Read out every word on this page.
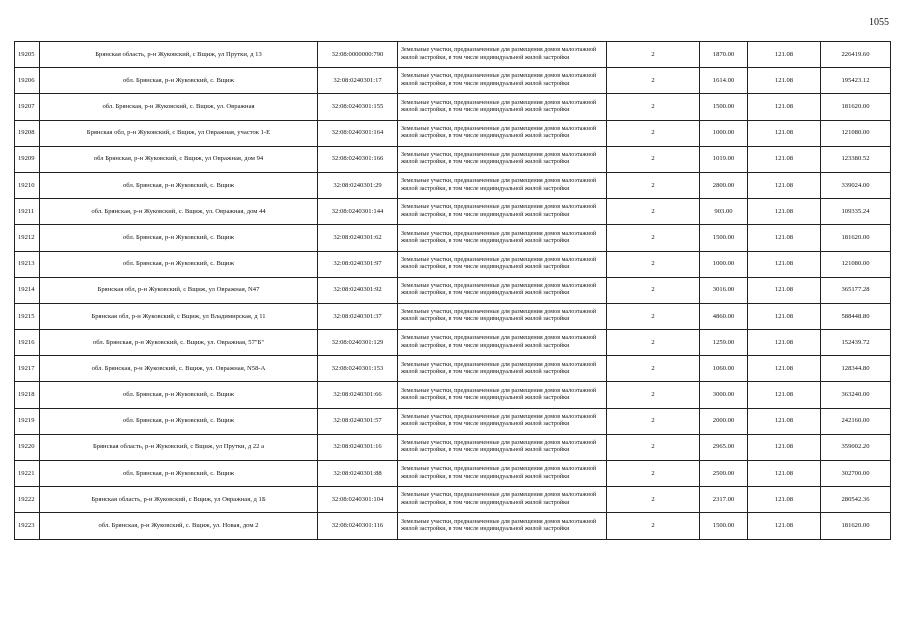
1055
19205	Брянская область, р-н Жуковский, с Вщиж, ул Прутки, д 13	32:08:0000000:790	Земельные участки, предназначенные для размещения домов малоэтажной жилой застройки, в том числе индивидуальной жилой застройки	2	1870.00	121.08	226419.60
19206	обл. Брянская, р-н Жуковский, с. Вщиж	32:08:0240301:17	Земельные участки, предназначенные для размещения домов малоэтажной жилой застройки, в том числе индивидуальной жилой застройки	2	1614.00	121.08	195423.12
19207	обл. Брянская, р-н Жуковский, с. Вщиж, ул. Овражная	32:08:0240301:155	Земельные участки, предназначенные для размещения домов малоэтажной жилой застройки, в том числе индивидуальной жилой застройки	2	1500.00	121.08	181620.00
19208	Брянская обл, р-н Жуковский, с Вщиж, ул Овражная, участок 1-Е	32:08:0240301:164	Земельные участки, предназначенные для размещения домов малоэтажной жилой застройки, в том числе индивидуальной жилой застройки	2	1000.00	121.08	121080.00
19209	обл Брянская, р-н Жуковский, с Вщиж, ул Овражная, дом 94	32:08:0240301:166	Земельные участки, предназначенные для размещения домов малоэтажной жилой застройки, в том числе индивидуальной жилой застройки	2	1019.00	121.08	123380.52
19210	обл. Брянская, р-н Жуковский, с. Вщиж	32:08:0240301:29	Земельные участки, предназначенные для размещения домов малоэтажной жилой застройки, в том числе индивидуальной жилой застройки	2	2800.00	121.08	339024.00
19211	обл. Брянская, р-н Жуковский, с. Вщиж, ул. Овражная, дом 44	32:08:0240301:144	Земельные участки, предназначенные для размещения домов малоэтажной жилой застройки, в том числе индивидуальной жилой застройки	2	903.00	121.08	109335.24
19212	обл. Брянская, р-н Жуковский, с. Вщиж	32:08:0240301:62	Земельные участки, предназначенные для размещения домов малоэтажной жилой застройки, в том числе индивидуальной жилой застройки	2	1500.00	121.08	181620.00
19213	обл. Брянская, р-н Жуковский, с. Вщиж	32:08:0240301:97	Земельные участки, предназначенные для размещения домов малоэтажной жилой застройки, в том числе индивидуальной жилой застройки	2	1000.00	121.08	121080.00
19214	Брянская обл, р-н Жуковский, с Вщиж, ул Овражная, N47	32:08:0240301:92	Земельные участки, предназначенные для размещения домов малоэтажной жилой застройки, в том числе индивидуальной жилой застройки	2	3016.00	121.08	365177.28
19215	Брянская обл, р-н Жуковский, с Вщиж, ул Владимирская, д 11	32:08:0240301:37	Земельные участки, предназначенные для размещения домов малоэтажной жилой застройки, в том числе индивидуальной жилой застройки	2	4860.00	121.08	588448.80
19216	обл. Брянская, р-н Жуковский, с. Вщиж, ул. Овражная, 57"Б"	32:08:0240301:129	Земельные участки, предназначенные для размещения домов малоэтажной жилой застройки, в том числе индивидуальной жилой застройки	2	1259.00	121.08	152439.72
19217	обл. Брянская, р-н Жуковский, с. Вщиж, ул. Овражная, N58-А	32:08:0240301:153	Земельные участки, предназначенные для размещения домов малоэтажной жилой застройки, в том числе индивидуальной жилой застройки	2	1060.00	121.08	128344.80
19218	обл. Брянская, р-н Жуковский, с. Вщиж	32:08:0240301:66	Земельные участки, предназначенные для размещения домов малоэтажной жилой застройки, в том числе индивидуальной жилой застройки	2	3000.00	121.08	363240.00
19219	обл. Брянская, р-н Жуковский, с. Вщиж	32:08:0240301:57	Земельные участки, предназначенные для размещения домов малоэтажной жилой застройки, в том числе индивидуальной жилой застройки	2	2000.00	121.08	242160.00
19220	Брянская область, р-н Жуковский, с Вщиж, ул Прутки, д 22 а	32:08:0240301:16	Земельные участки, предназначенные для размещения домов малоэтажной жилой застройки, в том числе индивидуальной жилой застройки	2	2965.00	121.08	359002.20
19221	обл. Брянская, р-н Жуковский, с. Вщиж	32:08:0240301:88	Земельные участки, предназначенные для размещения домов малоэтажной жилой застройки, в том числе индивидуальной жилой застройки	2	2500.00	121.08	302700.00
19222	Брянская область, р-н Жуковский, с Вщиж, ул Овражная, д 1Б	32:08:0240301:104	Земельные участки, предназначенные для размещения домов малоэтажной жилой застройки, в том числе индивидуальной жилой застройки	2	2317.00	121.08	280542.36
19223	обл. Брянская, р-н Жуковский, с. Вщиж, ул. Новая, дом 2	32:08:0240301:116	Земельные участки, предназначенные для размещения домов малоэтажной жилой застройки, в том числе индивидуальной жилой застройки	2	1500.00	121.08	181620.00
